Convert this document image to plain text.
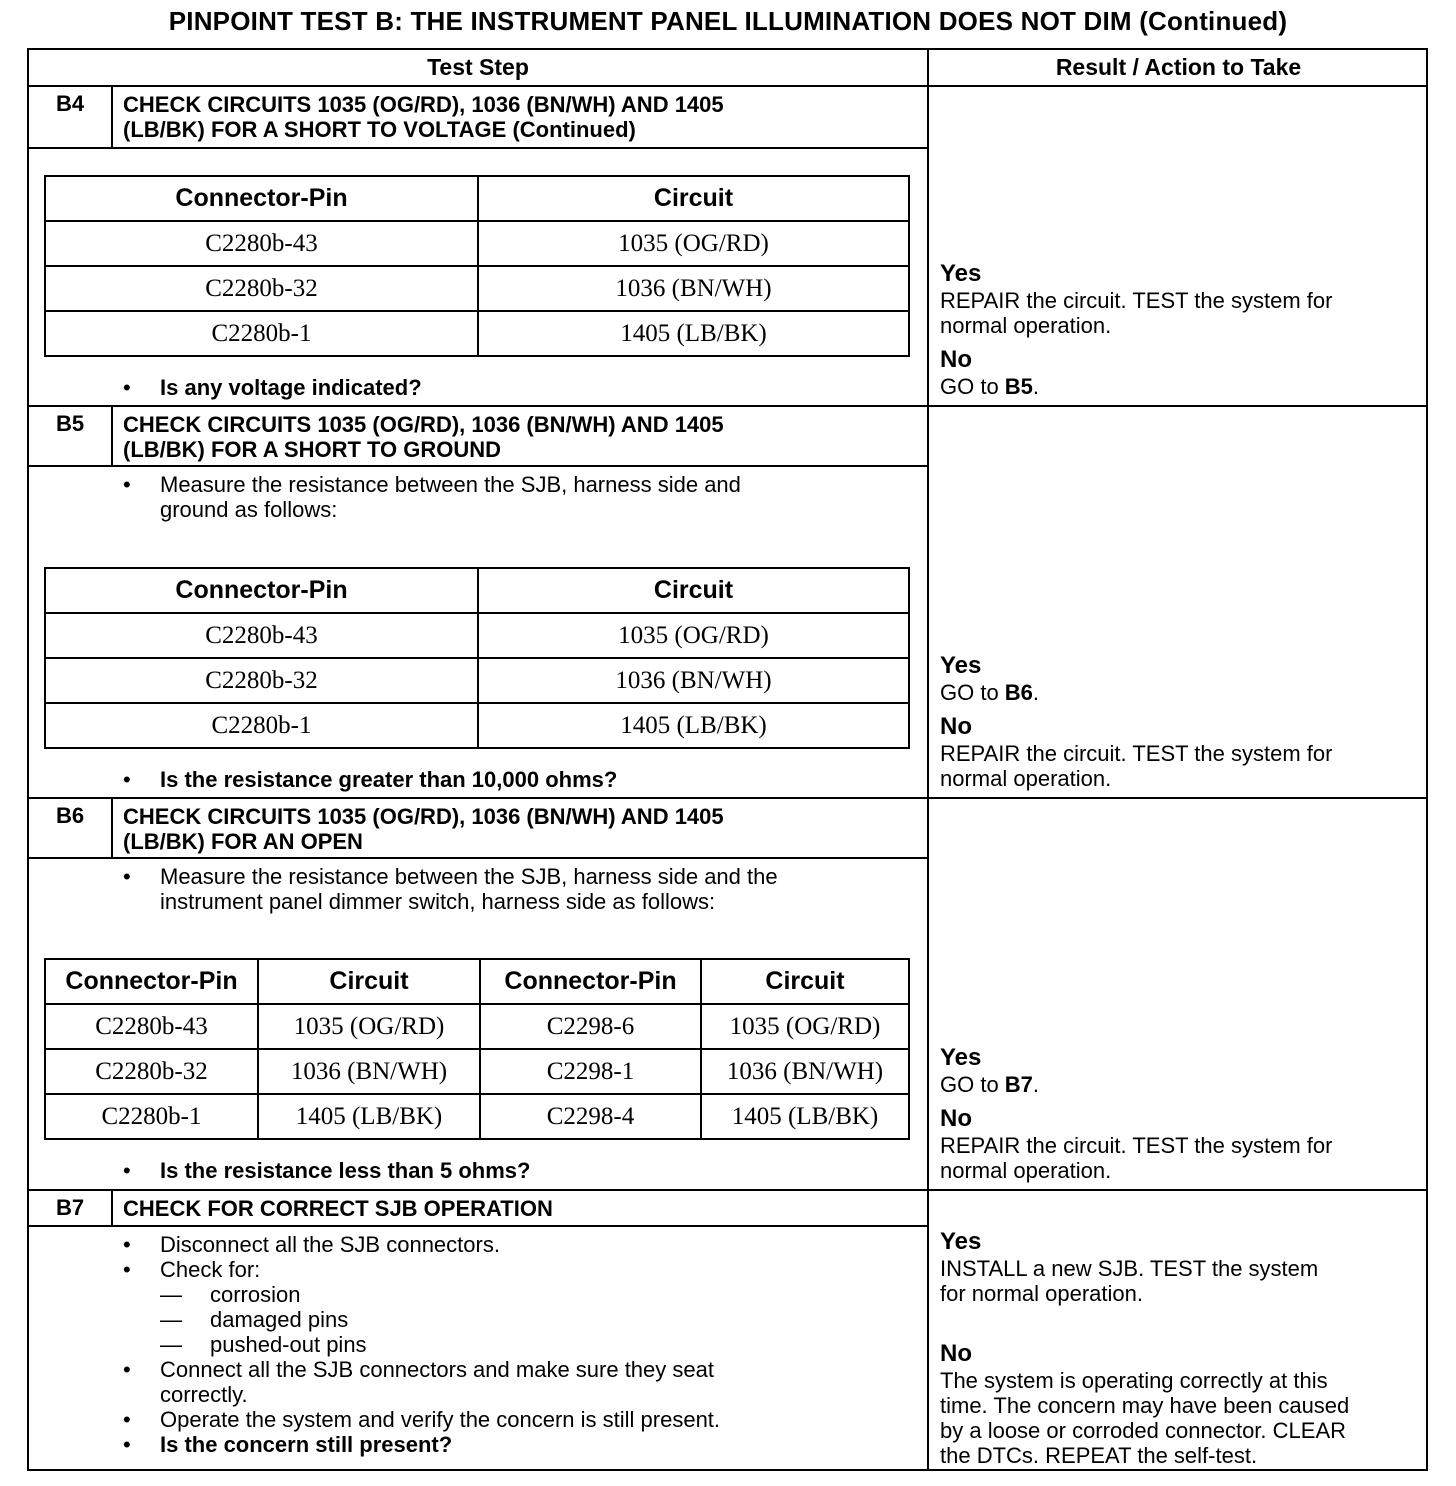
PINPOINT TEST B: THE INSTRUMENT PANEL ILLUMINATION DOES NOT DIM (Continued)
Test Step	Result / Action to Take
B4	CHECK CIRCUITS 1035 (OG/RD), 1036 (BN/WH) AND 1405
(LB/BK) FOR A SHORT TO VOLTAGE (Continued)
Connector-Pin	Circuit
C2280b-43	1035 (OG/RD)
C2280b-32	1036 (BN/WH)
C2280b-1	1405 (LB/BK)
• Is any voltage indicated?
Yes
REPAIR the circuit. TEST the system for
normal operation.
No
GO to B5.
B5	CHECK CIRCUITS 1035 (OG/RD), 1036 (BN/WH) AND 1405
(LB/BK) FOR A SHORT TO GROUND
• Measure the resistance between the SJB, harness side and
ground as follows:
Connector-Pin	Circuit
C2280b-43	1035 (OG/RD)
C2280b-32	1036 (BN/WH)
C2280b-1	1405 (LB/BK)
• Is the resistance greater than 10,000 ohms?
Yes
GO to B6.
No
REPAIR the circuit. TEST the system for
normal operation.
B6	CHECK CIRCUITS 1035 (OG/RD), 1036 (BN/WH) AND 1405
(LB/BK) FOR AN OPEN
• Measure the resistance between the SJB, harness side and the
instrument panel dimmer switch, harness side as follows:
Connector-Pin	Circuit	Connector-Pin	Circuit
C2280b-43	1035 (OG/RD)	C2298-6	1035 (OG/RD)
C2280b-32	1036 (BN/WH)	C2298-1	1036 (BN/WH)
C2280b-1	1405 (LB/BK)	C2298-4	1405 (LB/BK)
• Is the resistance less than 5 ohms?
Yes
GO to B7.
No
REPAIR the circuit. TEST the system for
normal operation.
B7	CHECK FOR CORRECT SJB OPERATION
• Disconnect all the SJB connectors.
• Check for:
— corrosion
— damaged pins
— pushed-out pins
• Connect all the SJB connectors and make sure they seat
correctly.
• Operate the system and verify the concern is still present.
• Is the concern still present?
Yes
INSTALL a new SJB. TEST the system
for normal operation.
No
The system is operating correctly at this
time. The concern may have been caused
by a loose or corroded connector. CLEAR
the DTCs. REPEAT the self-test.
